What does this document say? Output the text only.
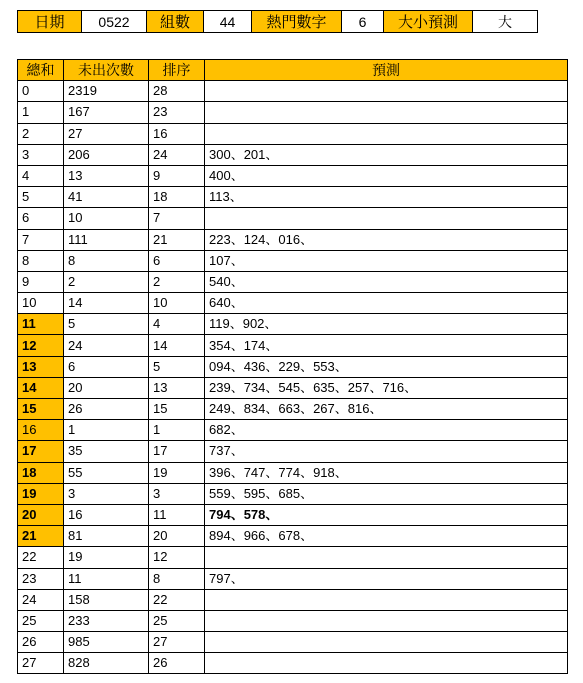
日期	0522	組數	44	熱門數字	6	大小預測	大
總和	未出次數	排序	預測
0	2319	28	
1	167	23	
2	27	16	
3	206	24	300、201、
4	13	9	400、
5	41	18	113、
6	10	7	
7	111	21	223、124、016、
8	8	6	107、
9	2	2	540、
10	14	10	640、
11	5	4	119、902、
12	24	14	354、174、
13	6	5	094、436、229、553、
14	20	13	239、734、545、635、257、716、
15	26	15	249、834、663、267、816、
16	1	1	682、
17	35	17	737、
18	55	19	396、747、774、918、
19	3	3	559、595、685、
20	16	11	794、578、
21	81	20	894、966、678、
22	19	12	
23	11	8	797、
24	158	22	
25	233	25	
26	985	27	
27	828	26	
